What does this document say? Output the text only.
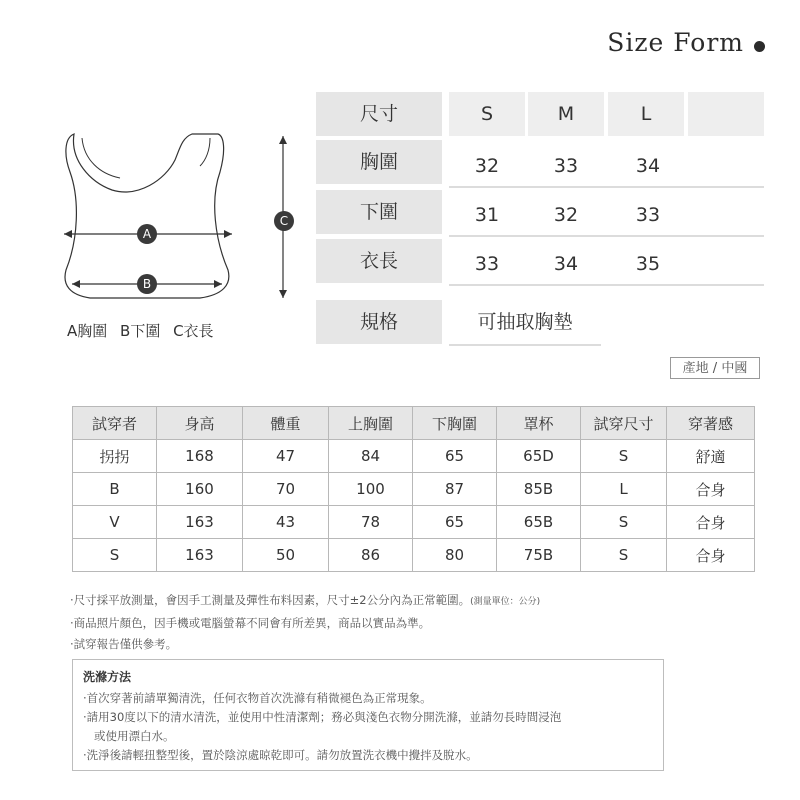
Size Form
A
B
C
A胸圍 B下圍 C衣長
尺寸	S	M	L
胸圍	32	33	34
下圍	31	32	33
衣長	33	34	35
規格	可抽取胸墊
產地 / 中國
試穿者	身高	體重	上胸圍	下胸圍	罩杯	試穿尺寸	穿著感
拐拐	168	47	84	65	65D	S	舒適
B	160	70	100	87	85B	L	合身
V	163	43	78	65	65B	S	合身
S	163	50	86	80	75B	S	合身
‧尺寸採平放測量，會因手工測量及彈性布料因素，尺寸±2公分內為正常範圍。(測量單位：公分)
‧商品照片顏色，因手機或電腦螢幕不同會有所差異，商品以實品為準。
‧試穿報告僅供參考。
洗滌方法
‧首次穿著前請單獨清洗，任何衣物首次洗滌有稍微褪色為正常現象。
‧請用30度以下的清水清洗，並使用中性清潔劑；務必與淺色衣物分開洗滌，並請勿長時間浸泡
或使用漂白水。
‧洗淨後請輕扭整型後，置於陰涼處晾乾即可。請勿放置洗衣機中攪拌及脫水。
